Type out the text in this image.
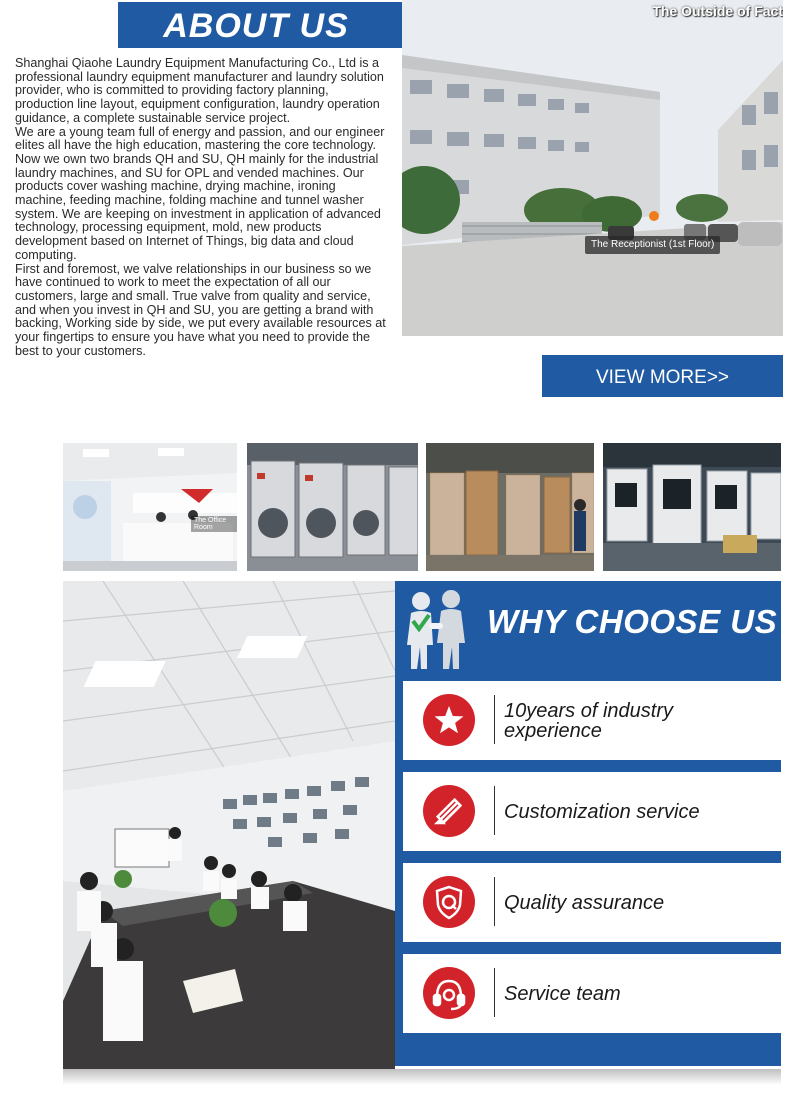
ABOUT US

Shanghai Qiaohe Laundry Equipment Manufacturing Co., Ltd is a professional laundry equipment manufacturer and laundry solution provider, who is committed to providing factory planning, production line layout, equipment configuration, laundry operation guidance, a complete sustainable service project.

We are a young team full of energy and passion, and our engineer elites all have the high education, mastering the core technology. Now we own two brands QH and SU, QH mainly for the industrial laundry machines, and SU for OPL and vended machines. Our products cover washing machine, drying machine, ironing machine, feeding machine, folding machine and tunnel washer system. We are keeping on investment in application of advanced technology, processing equipment, mold, new products development based on Internet of Things, big data and cloud computing.

First and foremost, we valve relationships in our business so we have continued to work to meet the expectation of all our customers, large and small. True valve from quality and service, and when you invest in QH and SU, you are getting a brand with backing, Working side by side, we put every available resources at your fingertips to ensure you have what you need to provide the best to your customers.

The Outside of Fact
The Receptionist (1st Floor)
VIEW MORE>>
The Office Room
WHY CHOOSE US
10years of industry experience
Customization service
Quality assurance
Service team
